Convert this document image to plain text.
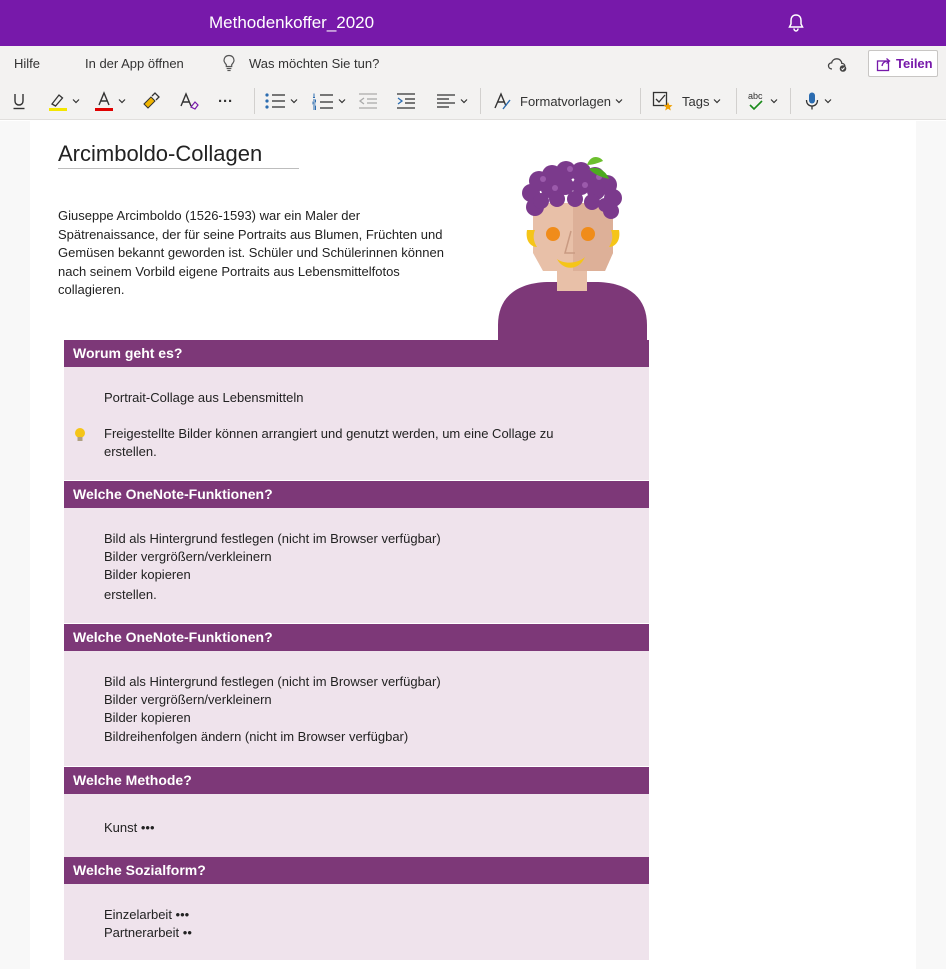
Methodenkoffer_2020
Hilfe	In der App öffnen	Was möchten Sie tun?	Teilen
···	Formatvorlagen	Tags	abc
Arcimboldo-Collagen
Giuseppe Arcimboldo (1526-1593) war ein Maler der
Spätrenaissance, der für seine Portraits aus Blumen, Früchten und
Gemüsen bekannt geworden ist. Schüler und Schülerinnen können
nach seinem Vorbild eigene Portraits aus Lebensmittelfotos
collagieren.
Worum geht es?
Portrait-Collage aus Lebensmitteln
Freigestellte Bilder können arrangiert und genutzt werden, um eine Collage zu
erstellen.
Welche OneNote-Funktionen?
Bild als Hintergrund festlegen (nicht im Browser verfügbar)
Bilder vergrößern/verkleinern
Bilder kopieren
erstellen.
Welche OneNote-Funktionen?
Bild als Hintergrund festlegen (nicht im Browser verfügbar)
Bilder vergrößern/verkleinern
Bilder kopieren
Bildreihenfolgen ändern (nicht im Browser verfügbar)
Welche Methode?
Kunst •••
Welche Sozialform?
Einzelarbeit •••
Partnerarbeit ••
